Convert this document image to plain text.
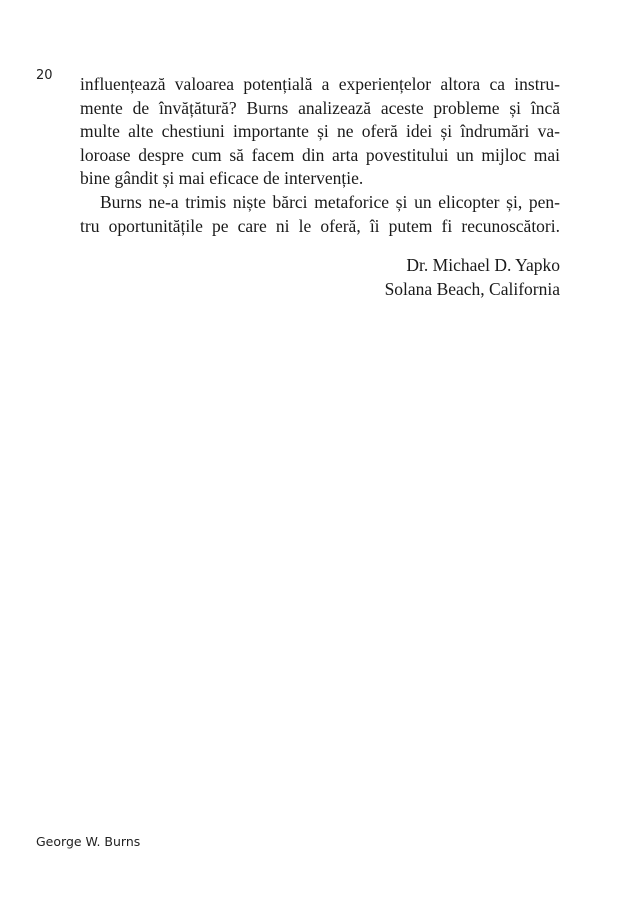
20 influențează valoarea potențială a experiențelor altora ca instru-
mente de învățătură? Burns analizează aceste probleme și încă
multe alte chestiuni importante și ne oferă idei și îndrumări va-
loroase despre cum să facem din arta povestitului un mijloc mai
bine gândit și mai eficace de intervenție.
Burns ne-a trimis niște bărci metaforice și un elicopter și, pen-
tru oportunitățile pe care ni le oferă, îi putem fi recunoscători.
Dr. Michael D. Yapko
Solana Beach, California
George W. Burns
